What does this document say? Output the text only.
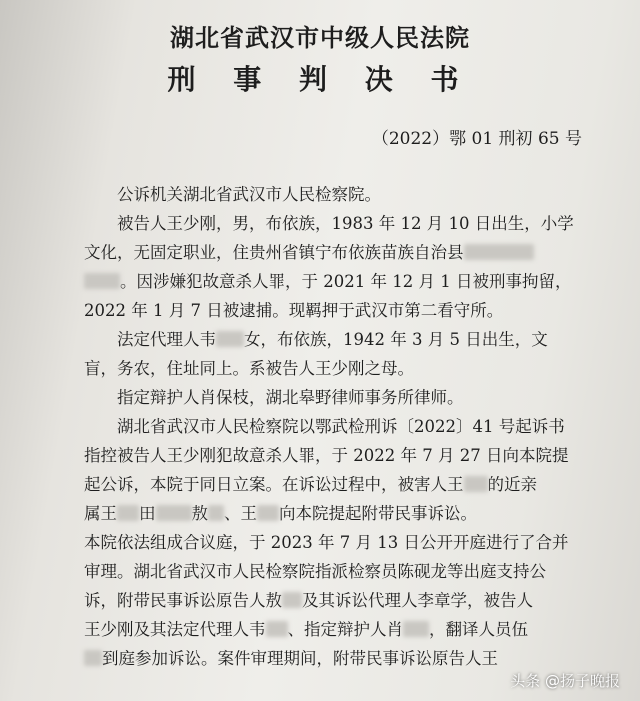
湖北省武汉市中级人民法院
刑 事 判 决 书
（2022）鄂 01 刑初 65 号
公诉机关湖北省武汉市人民检察院。
被告人王少刚，男，布依族，1983 年 12 月 10 日出生，小学
文化，无固定职业，住贵州省镇宁布依族苗族自治县
。因涉嫌犯故意杀人罪，于 2021 年 12 月 1 日被刑事拘留，
2022 年 1 月 7 日被逮捕。现羁押于武汉市第二看守所。
法定代理人韦 女，布依族，1942 年 3 月 5 日出生，文
盲，务农，住址同上。系被告人王少刚之母。
指定辩护人肖保枝，湖北皋野律师事务所律师。
湖北省武汉市人民检察院以鄂武检刑诉〔2022〕41 号起诉书
指控被告人王少刚犯故意杀人罪，于 2022 年 7 月 27 日向本院提
起公诉，本院于同日立案。在诉讼过程中，被害人王 的近亲
属王 田 敖 、王 向本院提起附带民事诉讼。
本院依法组成合议庭，于 2023 年 7 月 13 日公开开庭进行了合并
审理。湖北省武汉市人民检察院指派检察员陈砚龙等出庭支持公
诉，附带民事诉讼原告人敖 及其诉讼代理人李章学，被告人
王少刚及其法定代理人韦 、指定辩护人肖 ，翻译人员伍
到庭参加诉讼。案件审理期间，附带民事诉讼原告人王
头条 @扬子晚报
